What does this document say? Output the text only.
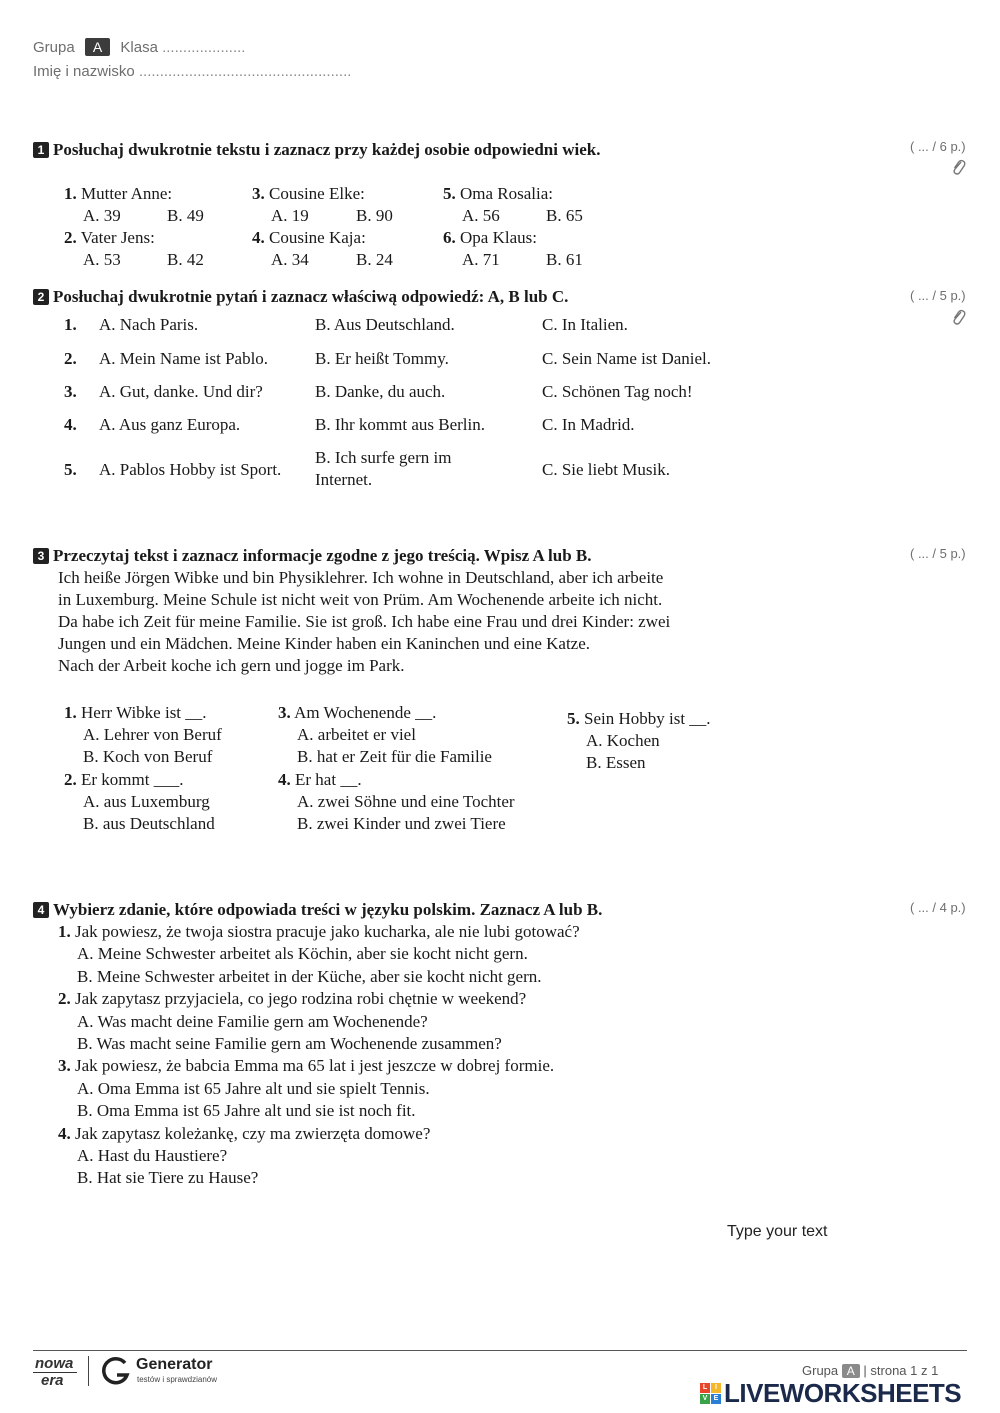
Grupa A Klasa ....................
Imię i nazwisko ...................................................
1 Posłuchaj dwukrotnie tekstu i zaznacz przy każdej osobie odpowiedni wiek.	( ... / 6 p.)
1. Mutter Anne:
A. 39	B. 49
2. Vater Jens:
A. 53	B. 42
3. Cousine Elke:
A. 19	B. 90
4. Cousine Kaja:
A. 34	B. 24
5. Oma Rosalia:
A. 56	B. 65
6. Opa Klaus:
A. 71	B. 61
2 Posłuchaj dwukrotnie pytań i zaznacz właściwą odpowiedź: A, B lub C.	( ... / 5 p.)
1. A. Nach Paris.	B. Aus Deutschland.	C. In Italien.
2. A. Mein Name ist Pablo.	B. Er heißt Tommy.	C. Sein Name ist Daniel.
3. A. Gut, danke. Und dir?	B. Danke, du auch.	C. Schönen Tag noch!
4. A. Aus ganz Europa.	B. Ihr kommt aus Berlin.	C. In Madrid.
5. A. Pablos Hobby ist Sport.
B. Ich surfe gern im Internet.
C. Sie liebt Musik.
3 Przeczytaj tekst i zaznacz informacje zgodne z jego treścią. Wpisz A lub B.	( ... / 5 p.)
Ich heiße Jörgen Wibke und bin Physiklehrer. Ich wohne in Deutschland, aber ich arbeite
in Luxemburg. Meine Schule ist nicht weit von Prüm. Am Wochenende arbeite ich nicht.
Da habe ich Zeit für meine Familie. Sie ist groß. Ich habe eine Frau und drei Kinder: zwei
Jungen und ein Mädchen. Meine Kinder haben ein Kaninchen und eine Katze.
Nach der Arbeit koche ich gern und jogge im Park.
1. Herr Wibke ist __.
A. Lehrer von Beruf
B. Koch von Beruf
2. Er kommt ___.
A. aus Luxemburg
B. aus Deutschland
3. Am Wochenende __.
A. arbeitet er viel
B. hat er Zeit für die Familie
4. Er hat __.
A. zwei Söhne und eine Tochter
B. zwei Kinder und zwei Tiere
5. Sein Hobby ist __.
A. Kochen
B. Essen
4 Wybierz zdanie, które odpowiada treści w języku polskim. Zaznacz A lub B.	( ... / 4 p.)
1. Jak powiesz, że twoja siostra pracuje jako kucharka, ale nie lubi gotować?
A. Meine Schwester arbeitet als Köchin, aber sie kocht nicht gern.
B. Meine Schwester arbeitet in der Küche, aber sie kocht nicht gern.
2. Jak zapytasz przyjaciela, co jego rodzina robi chętnie w weekend?
A. Was macht deine Familie gern am Wochenende?
B. Was macht seine Familie gern am Wochenende zusammen?
3. Jak powiesz, że babcia Emma ma 65 lat i jest jeszcze w dobrej formie.
A. Oma Emma ist 65 Jahre alt und sie spielt Tennis.
B. Oma Emma ist 65 Jahre alt und sie ist noch fit.
4. Jak zapytasz koleżankę, czy ma zwierzęta domowe?
A. Hast du Haustiere?
B. Hat sie Tiere zu Hause?
Type your text
nowa
era
Generator
testów i sprawdzianów
Grupa A | strona 1 z 1
L	I
V E LIVEWORKSHEETS
